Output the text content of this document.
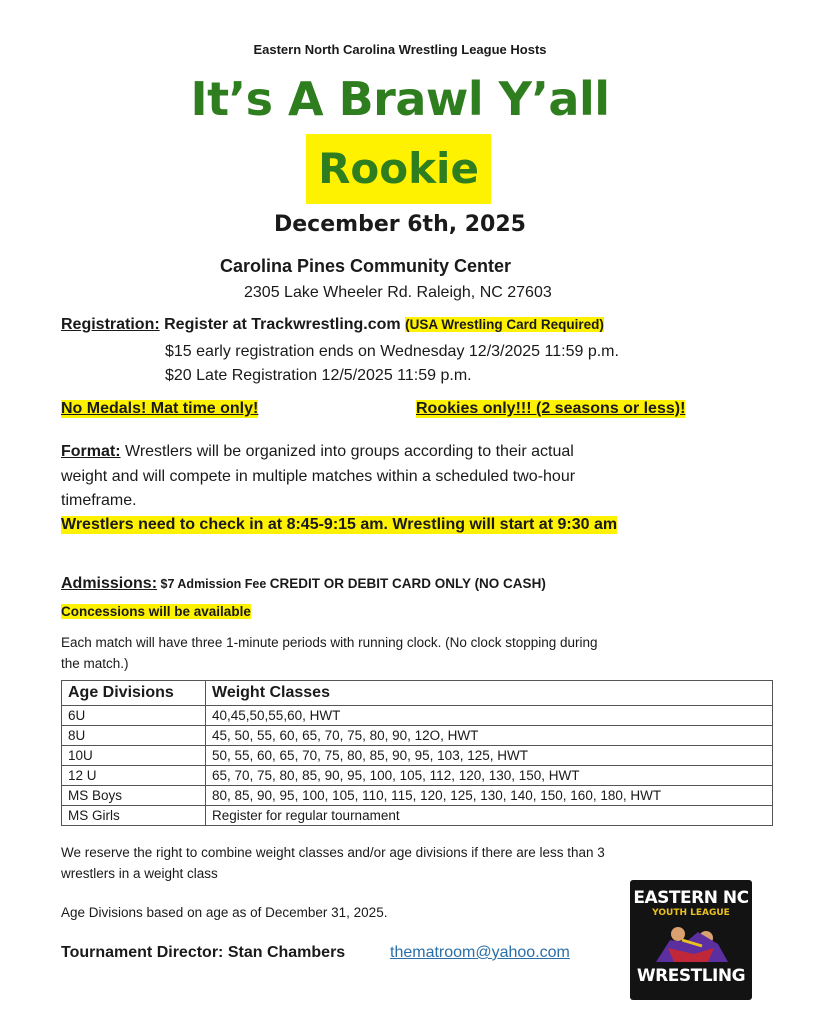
Eastern North Carolina Wrestling League Hosts
It’s A Brawl Y’all
Rookie
December 6th, 2025
Carolina Pines Community Center
2305 Lake Wheeler Rd. Raleigh, NC 27603
Registration: Register at Trackwrestling.com (USA Wrestling Card Required)
$15 early registration ends on Wednesday 12/3/2025 11:59 p.m.
$20 Late Registration 12/5/2025 11:59 p.m.
No Medals! Mat time only!	Rookies only!!! (2 seasons or less)!
Format: Wrestlers will be organized into groups according to their actual
weight and will compete in multiple matches within a scheduled two-hour
timeframe.
Wrestlers need to check in at 8:45-9:15 am. Wrestling will start at 9:30 am
Admissions: $7 Admission Fee CREDIT OR DEBIT CARD ONLY (NO CASH)
Concessions will be available
Each match will have three 1-minute periods with running clock. (No clock stopping during
the match.)
Age Divisions	Weight Classes
6U	40,45,50,55,60, HWT
8U	45, 50, 55, 60, 65, 70, 75, 80, 90, 12O, HWT
10U	50, 55, 60, 65, 70, 75, 80, 85, 90, 95, 103, 125, HWT
12 U	65, 70, 75, 80, 85, 90, 95, 100, 105, 112, 120, 130, 150, HWT
MS Boys	80, 85, 90, 95, 100, 105, 110, 115, 120, 125, 130, 140, 150, 160, 180, HWT
MS Girls	Register for regular tournament
We reserve the right to combine weight classes and/or age divisions if there are less than 3
wrestlers in a weight class
Age Divisions based on age as of December 31, 2025.
Tournament Director: Stan Chambers	thematroom@yahoo.com
EASTERN NC
YOUTH LEAGUE
WRESTLING
